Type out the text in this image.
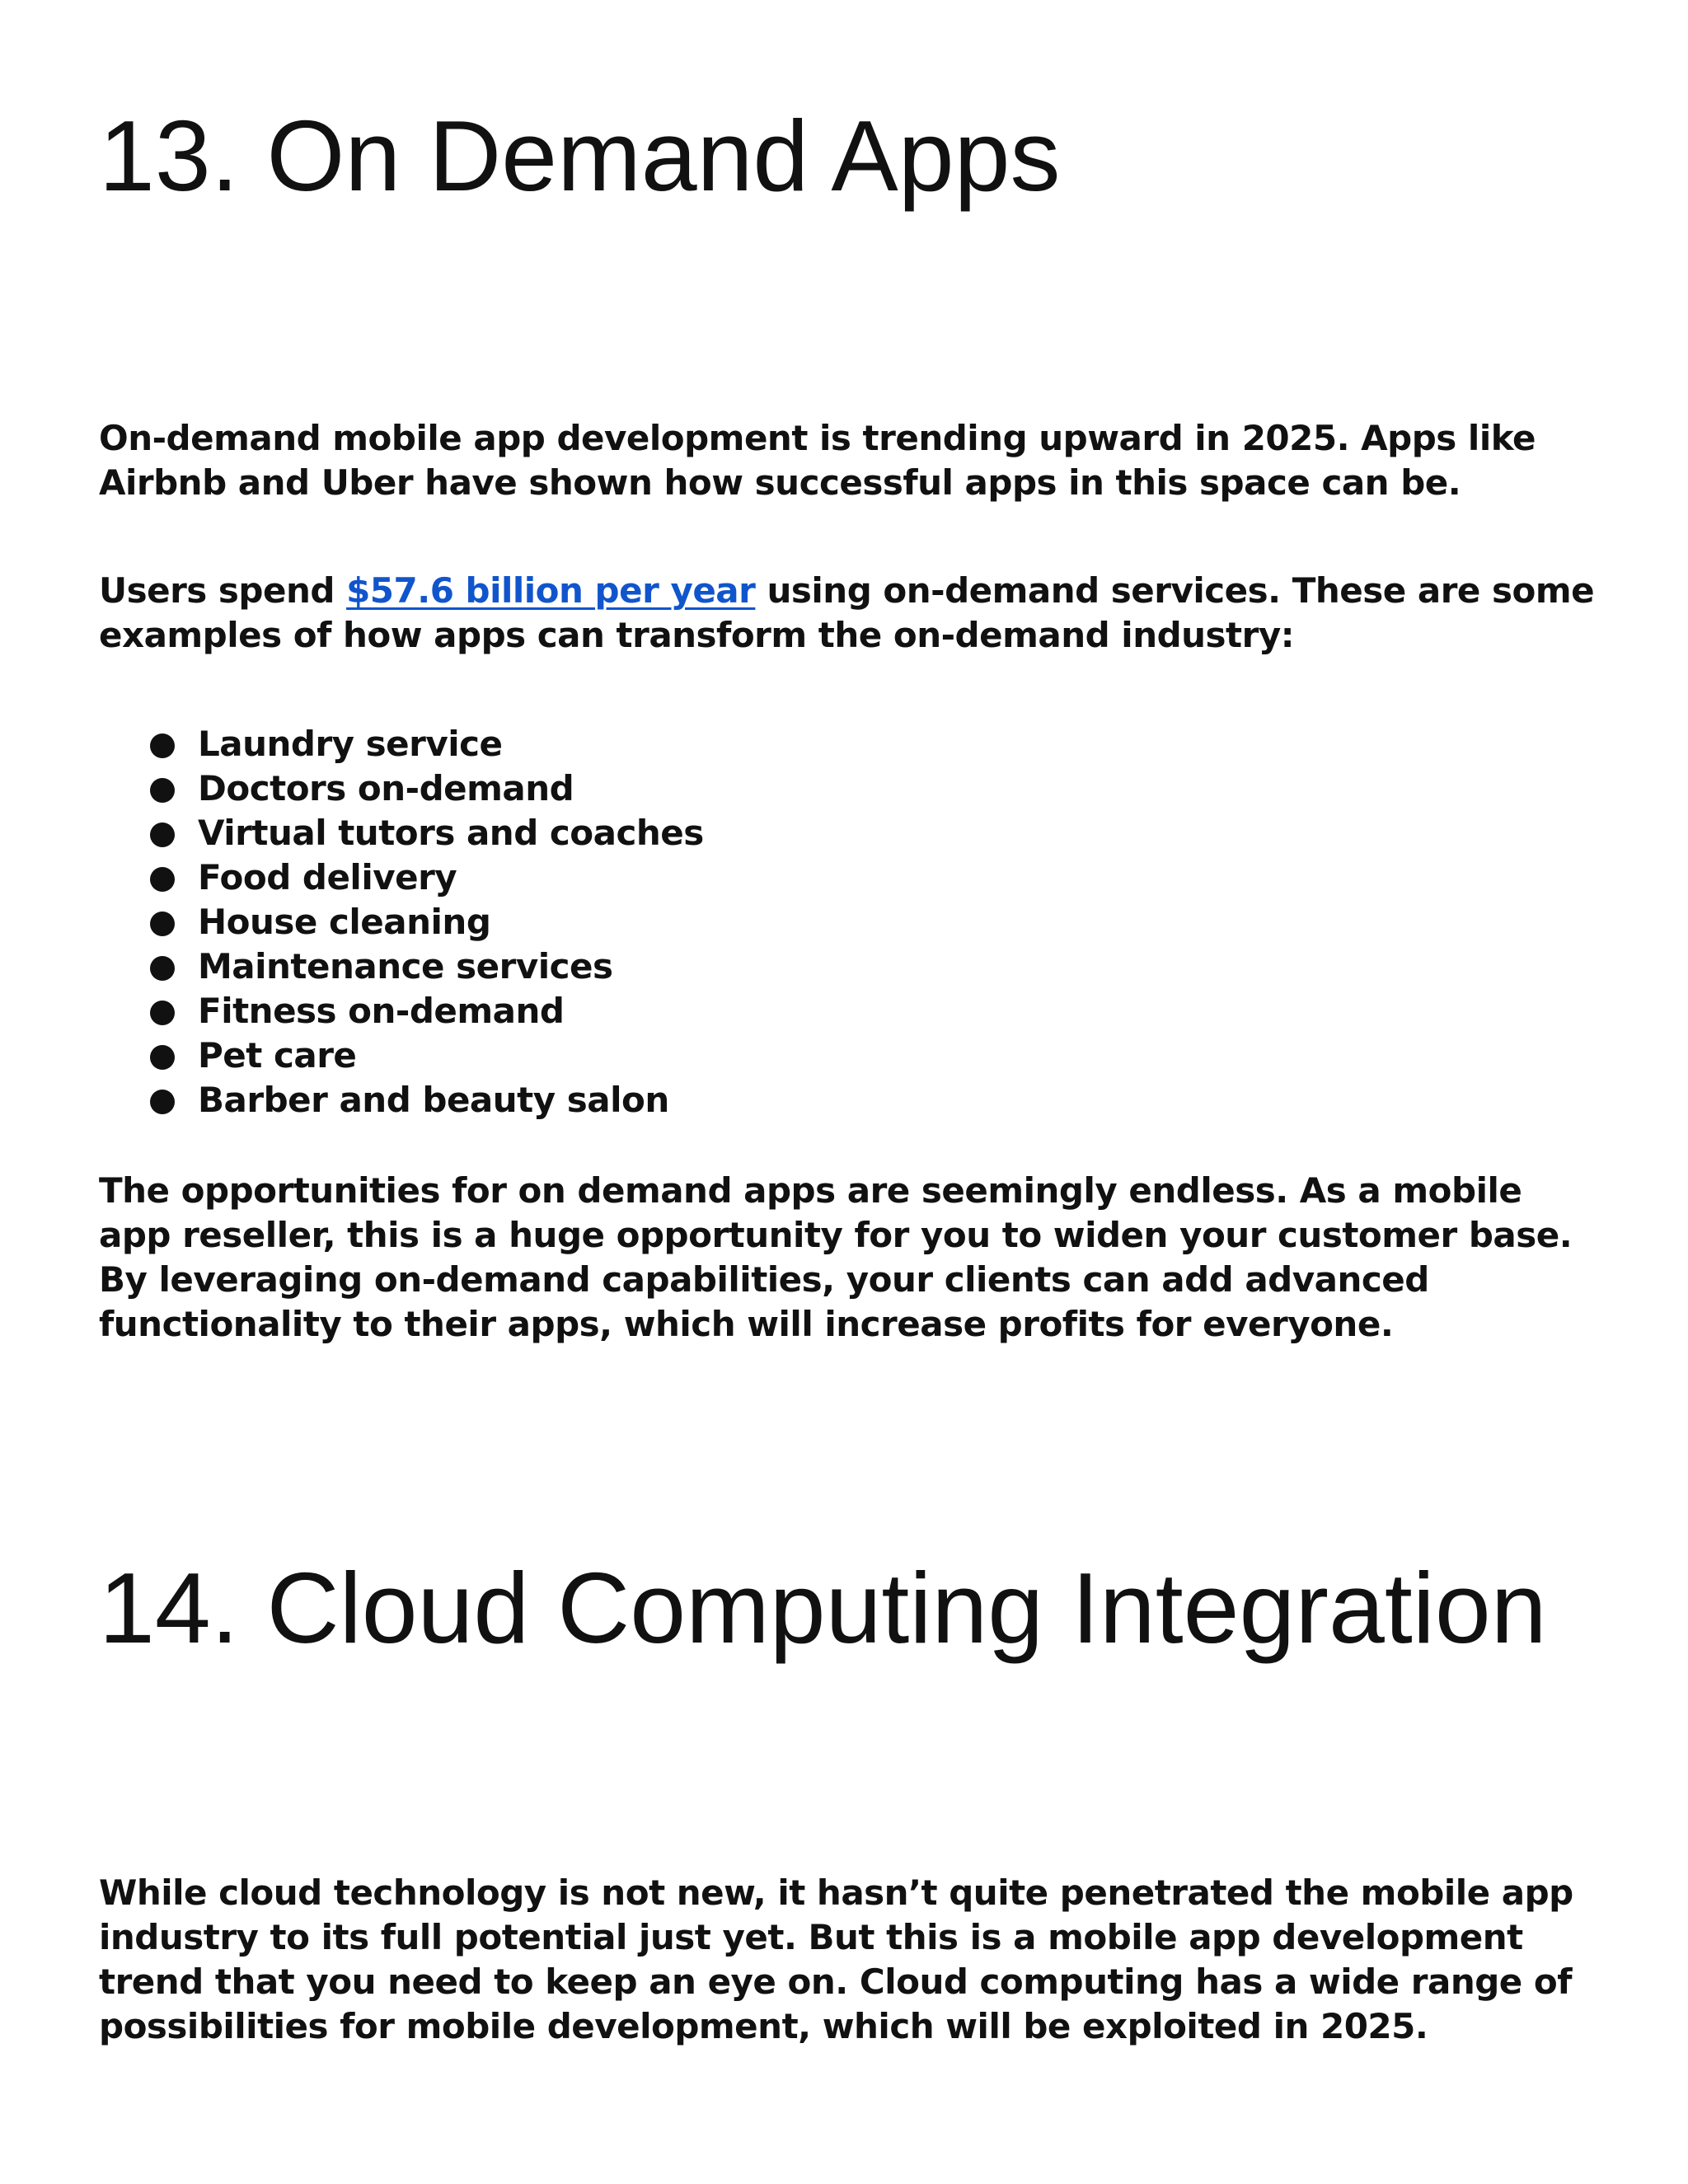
13. On Demand Apps

On-demand mobile app development is trending upward in 2025. Apps like Airbnb and Uber have shown how successful apps in this space can be.

Users spend $57.6 billion per year using on-demand services. These are some examples of how apps can transform the on-demand industry:

Laundry service
Doctors on-demand
Virtual tutors and coaches
Food delivery
House cleaning
Maintenance services
Fitness on-demand
Pet care
Barber and beauty salon

The opportunities for on demand apps are seemingly endless. As a mobile app reseller, this is a huge opportunity for you to widen your customer base. By leveraging on-demand capabilities, your clients can add advanced functionality to their apps, which will increase profits for everyone.

14. Cloud Computing Integration

While cloud technology is not new, it hasn’t quite penetrated the mobile app industry to its full potential just yet. But this is a mobile app development trend that you need to keep an eye on. Cloud computing has a wide range of possibilities for mobile development, which will be exploited in 2025.
